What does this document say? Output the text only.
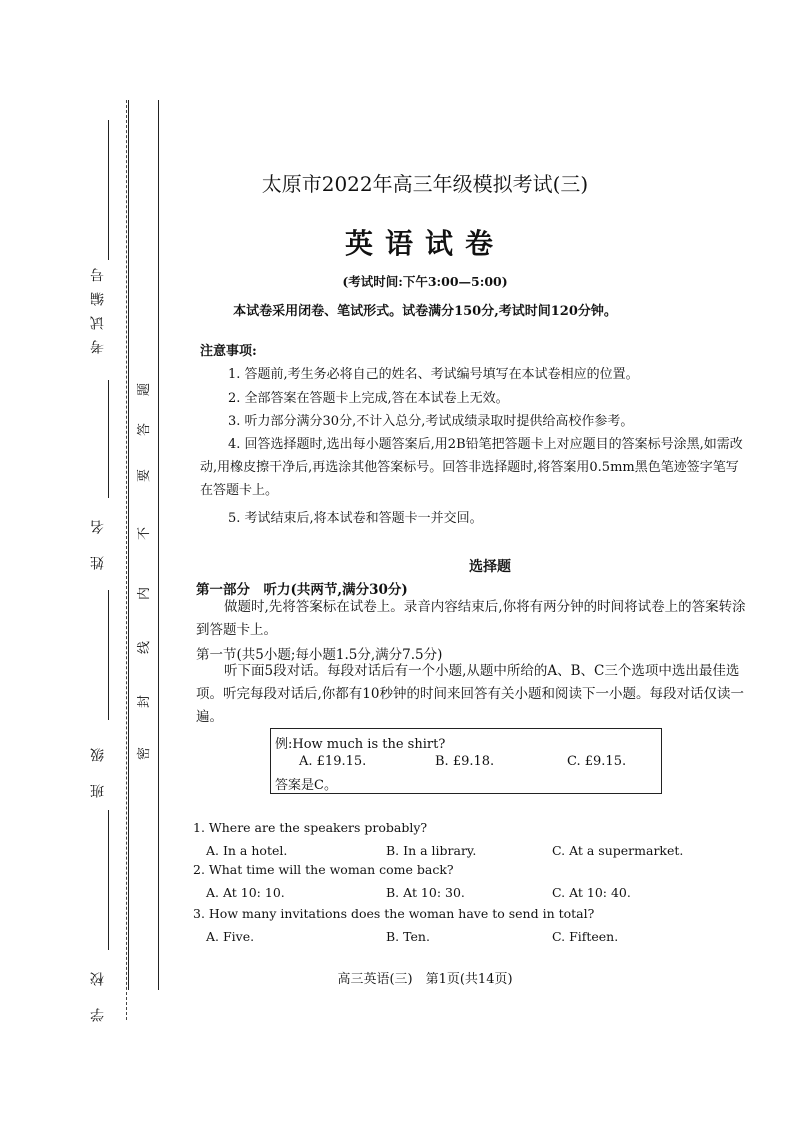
考试编号
姓名
班级
学校
密
封
线
内
不
要
答
题
太原市2022年高三年级模拟考试(三)
英语试卷
(考试时间:下午3:00—5:00)
本试卷采用闭卷、笔试形式。试卷满分150分,考试时间120分钟。
注意事项:
1. 答题前,考生务必将自己的姓名、考试编号填写在本试卷相应的位置。
2. 全部答案在答题卡上完成,答在本试卷上无效。
3. 听力部分满分30分,不计入总分,考试成绩录取时提供给高校作参考。
4. 回答选择题时,选出每小题答案后,用2B铅笔把答题卡上对应题目的答案标号涂黑,如需改动,用橡皮擦干净后,再选涂其他答案标号。回答非选择题时,将答案用0.5mm黑色笔迹签字笔写在答题卡上。
5. 考试结束后,将本试卷和答题卡一并交回。
选择题
第一部分　听力(共两节,满分30分)
做题时,先将答案标在试卷上。录音内容结束后,你将有两分钟的时间将试卷上的答案转涂到答题卡上。
第一节(共5小题;每小题1.5分,满分7.5分)
听下面5段对话。每段对话后有一个小题,从题中所给的A、B、C三个选项中选出最佳选项。听完每段对话后,你都有10秒钟的时间来回答有关小题和阅读下一小题。每段对话仅读一遍。
例:How much is the shirt?
A. £19.15.	B. £9.18.	C. £9.15.
答案是C。
1. Where are the speakers probably?
A. In a hotel.	B. In a library.	C. At a supermarket.
2. What time will the woman come back?
A. At 10: 10.	B. At 10: 30.	C. At 10: 40.
3. How many invitations does the woman have to send in total?
A. Five.	B. Ten.	C. Fifteen.
高三英语(三)　第1页(共14页)
